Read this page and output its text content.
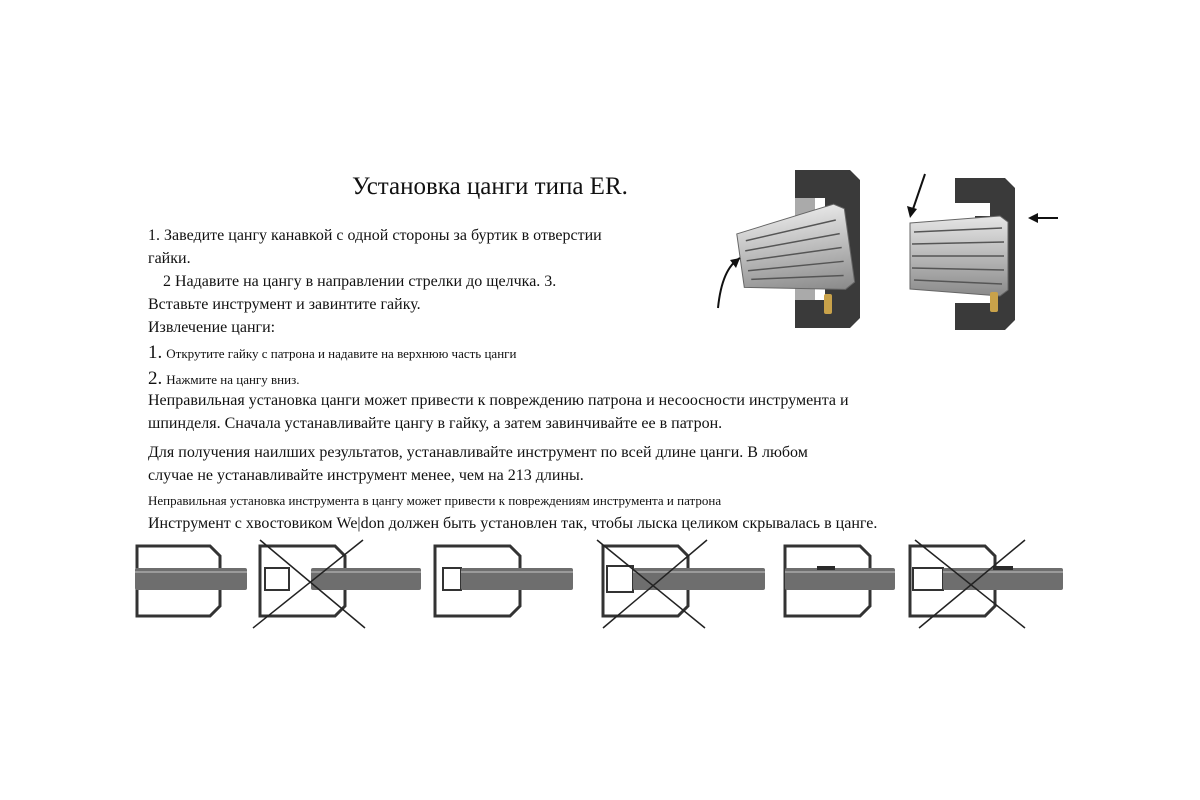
Установка цанги типа ER.
1. Заведите цангу канавкой с одной стороны за буртик в отверстии
гайки.
2 Надавите на цангу в направлении стрелки до щелчка. 3.
Вставьте инструмент и завинтите гайку.
Извлечение цанги:
1. Открутите гайку с патрона и надавите на верхнюю часть цанги
2. Нажмите на цангу вниз.
Неправильная установка цанги может привести к повреждению патрона и несоосности инструмента и
шпинделя. Сначала устанавливайте цангу в гайку, а затем завинчивайте ее в патрон.
Для получения наилших результатов, устанавливайте инструмент по всей длине цанги. В любом
случае не устанавливайте инструмент менее, чем на 213 длины.
Неправильная установка инструмента в цангу может привести к повреждениям инструмента и патрона
Инструмент с хвостовиком We|don должен быть установлен так, чтобы лыска целиком скрывалась в цанге.
